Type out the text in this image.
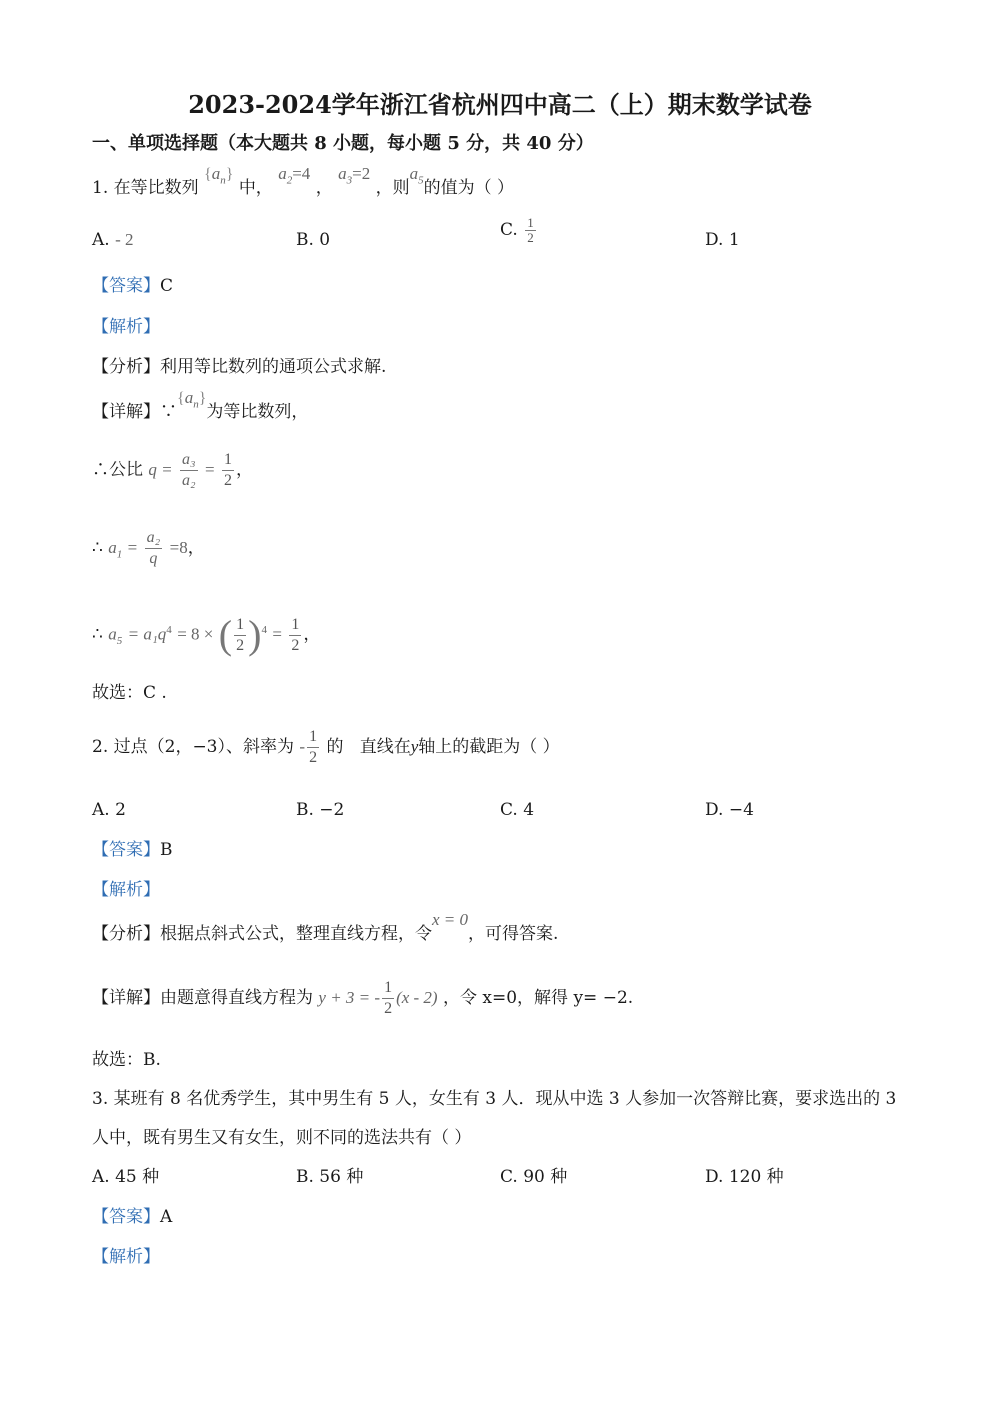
2023-2024学年浙江省杭州四中高二（上）期末数学试卷
一、单项选择题（本大题共 8 小题，每小题 5 分，共 40 分）
1. 在等比数列 $\{a_n\}$ 中， $a_2=4$ ， $a_3=2$ ，则$a_5$的值为（ ）
A. - 2	B. 0	C. $\frac{1}{2}$	D. 1
【答案】C
【解析】
【分析】利用等比数列的通项公式求解.
【详解】$\because\{a_n\}$为等比数列，
∴公比 $q = \frac{\text{a₃}}{\text{a₂}} = \frac{1}{2}$ ，
∴ $a_1 = \frac{\text{a₂}}{q} =8$，
∴ $a_5 = a_1q^4 = 8$ × ( $\frac{1}{2} )^4 = \frac{1}{2}$ ，
故选：C .
2. 过点（2，−3）、斜率为 - $\frac{1}{2}$ 的 直线在y轴上的截距为（ ）
A. 2	B. −2	C. 4	D. −4
【答案】B
【解析】
【分析】根据点斜式公式，整理直线方程，令x = 0，可得答案.
【详解】由题意得直线方程为 y + 3 = - $\frac{1}{2} (x - 2)$ ，令 x=0，解得 y= −2.
故选：B.
3. 某班有 8 名优秀学生，其中男生有 5 人，女生有 3 人．现从中选 3 人参加一次答辩比赛，要求选出的 3
人中，既有男生又有女生，则不同的选法共有（ ）
A. 45 种	B. 56 种	C. 90 种	D. 120 种
【答案】A
【解析】
